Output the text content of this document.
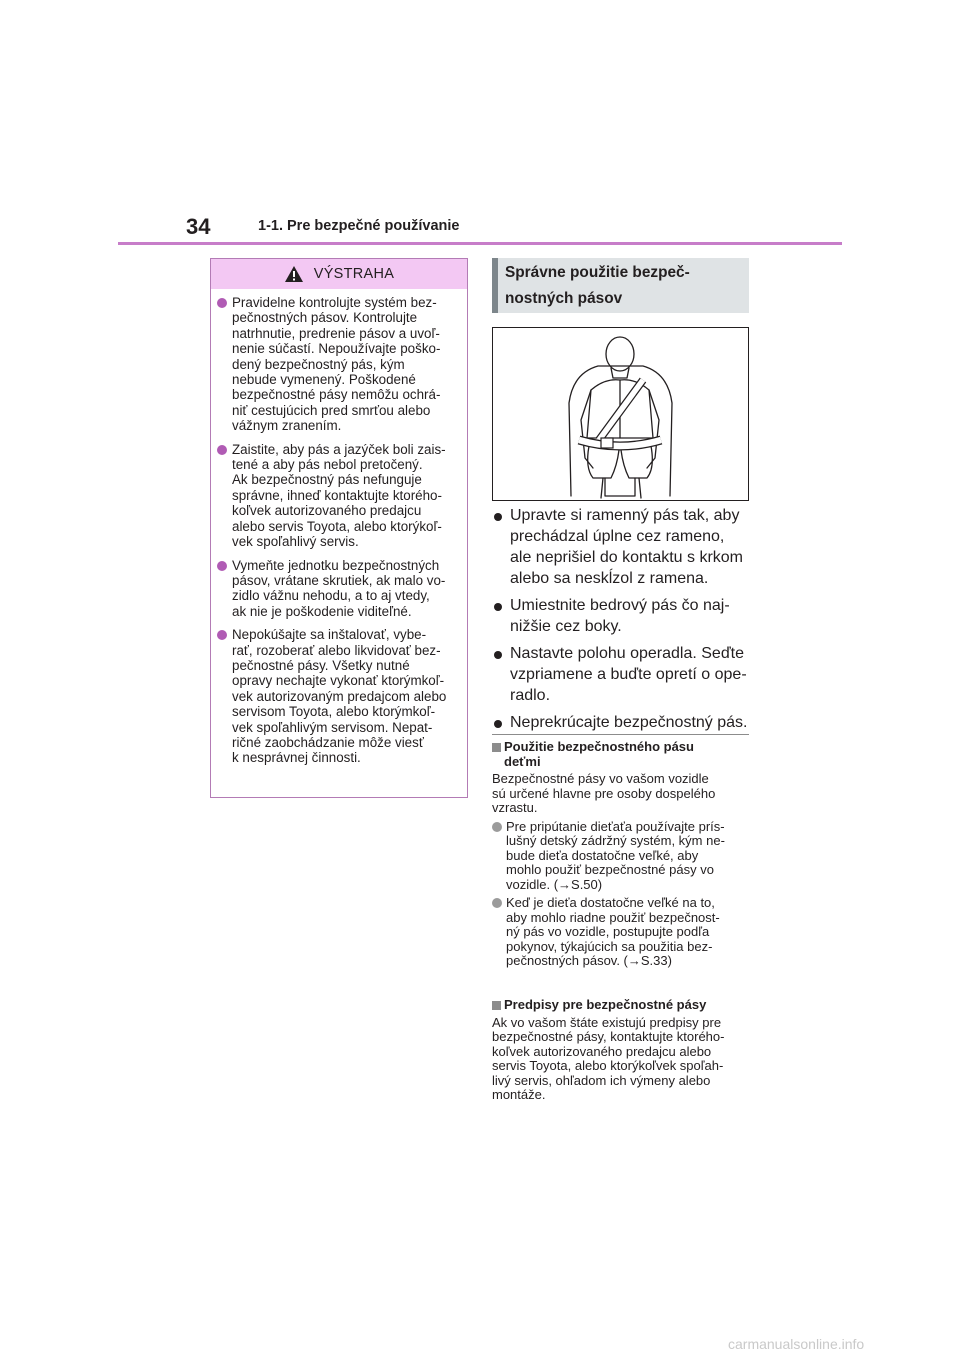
34	1-1. Pre bezpečné používanie
VÝSTRAHA
Pravidelne kontrolujte systém bez-
pečnostných pásov. Kontrolujte
natrhnutie, predrenie pásov a uvoľ-
nenie súčastí. Nepoužívajte poško-
dený bezpečnostný pás, kým
nebude vymenený. Poškodené
bezpečnostné pásy nemôžu ochrá-
niť cestujúcich pred smrťou alebo
vážnym zranením.
Zaistite, aby pás a jazýček boli zais-
tené a aby pás nebol pretočený.
Ak bezpečnostný pás nefunguje
správne, ihneď kontaktujte ktorého-
koľvek autorizovaného predajcu
alebo servis Toyota, alebo ktorýkoľ-
vek spoľahlivý servis.
Vymeňte jednotku bezpečnostných
pásov, vrátane skrutiek, ak malo vo-
zidlo vážnu nehodu, a to aj vtedy,
ak nie je poškodenie viditeľné.
Nepokúšajte sa inštalovať, vybe-
rať, rozoberať alebo likvidovať bez-
pečnostné pásy. Všetky nutné
opravy nechajte vykonať ktorýmkoľ-
vek autorizovaným predajcom alebo
servisom Toyota, alebo ktorýmkoľ-
vek spoľahlivým servisom. Nepat-
ričné zaobchádzanie môže viesť
k nesprávnej činnosti.
Správne použitie bezpeč-
nostných pásov
Upravte si ramenný pás tak, aby
prechádzal úplne cez rameno,
ale neprišiel do kontaktu s krkom
alebo sa neskĺzol z ramena.
Umiestnite bedrový pás čo naj-
nižšie cez boky.
Nastavte polohu operadla. Seďte
vzpriamene a buďte opretí o ope-
radlo.
Neprekrúcajte bezpečnostný pás.
Použitie bezpečnostného pásu
deťmi
Bezpečnostné pásy vo vašom vozidle
sú určené hlavne pre osoby dospelého
vzrastu.
Pre pripútanie dieťaťa používajte prís-
lušný detský zádržný systém, kým ne-
bude dieťa dostatočne veľké, aby
mohlo použiť bezpečnostné pásy vo
vozidle. (→S.50)
Keď je dieťa dostatočne veľké na to,
aby mohlo riadne použiť bezpečnost-
ný pás vo vozidle, postupujte podľa
pokynov, týkajúcich sa použitia bez-
pečnostných pásov. (→S.33)
Predpisy pre bezpečnostné pásy
Ak vo vašom štáte existujú predpisy pre
bezpečnostné pásy, kontaktujte ktorého-
koľvek autorizovaného predajcu alebo
servis Toyota, alebo ktorýkoľvek spoľah-
livý servis, ohľadom ich výmeny alebo
montáže.
carmanualsonline.info
